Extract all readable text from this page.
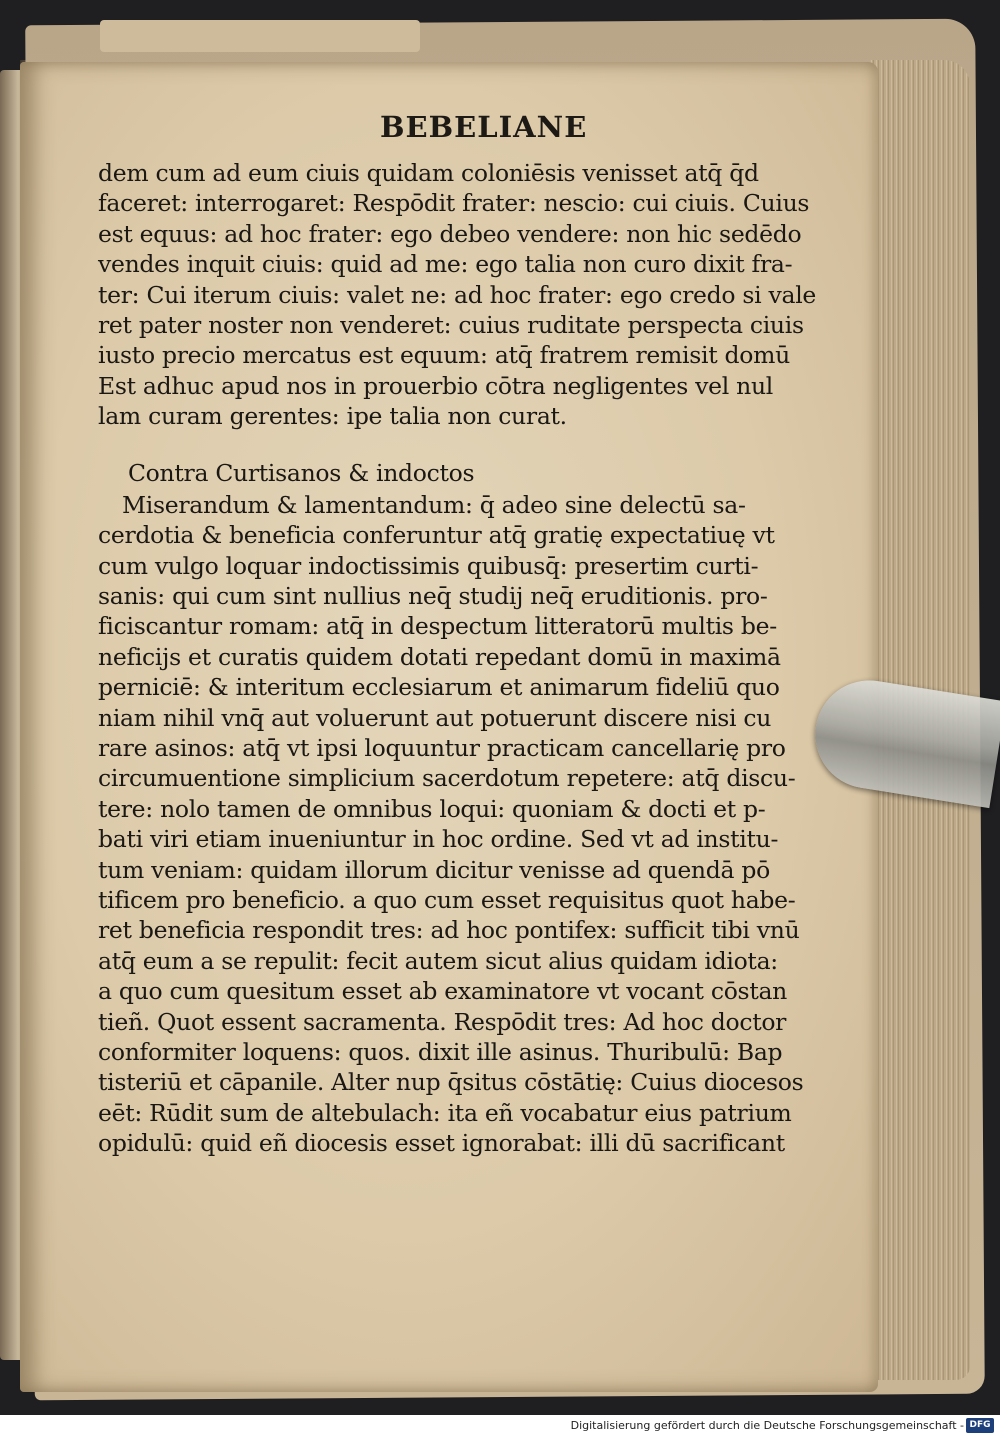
BEBELIANE
dem cum ad eum ciuis quidam coloniēsis venisset atq̄ q̄d
faceret: interrogaret: Respōdit frater: nescio: cui ciuis. Cuius
est equus: ad hoc frater: ego debeo vendere: non hic sedēdo
vendes inquit ciuis: quid ad me: ego talia non curo dixit fra-
ter: Cui iterum ciuis: valet ne: ad hoc frater: ego credo si vale
ret pater noster non venderet: cuius ruditate perspecta ciuis
iusto precio mercatus est equum: atq̄ fratrem remisit domū
Est adhuc apud nos in prouerbio cōtra negligentes vel nul
lam curam gerentes: ipe talia non curat.
Contra Curtisanos & indoctos
Miserandum & lamentandum: q̄ adeo sine delectū sa-
cerdotia & beneficia conferuntur atq̄ gratię expectatiuę vt
cum vulgo loquar indoctissimis quibusq̄: presertim curti-
sanis: qui cum sint nullius neq̄ studij neq̄ eruditionis. pro-
ficiscantur romam: atq̄ in despectum litteratorū multis be-
neficijs et curatis quidem dotati repedant domū in maximā
perniciē: & interitum ecclesiarum et animarum fideliū quo
niam nihil vnq̄ aut voluerunt aut potuerunt discere nisi cu
rare asinos: atq̄ vt ipsi loquuntur practicam cancellarię pro
circumuentione simplicium sacerdotum repetere: atq̄ discu-
tere: nolo tamen de omnibus loqui: quoniam & docti et p-
bati viri etiam inueniuntur in hoc ordine. Sed vt ad institu-
tum veniam: quidam illorum dicitur venisse ad quendā pō
tificem pro beneficio. a quo cum esset requisitus quot habe-
ret beneficia respondit tres: ad hoc pontifex: sufficit tibi vnū
atq̄ eum a se repulit: fecit autem sicut alius quidam idiota:
a quo cum quesitum esset ab examinatore vt vocant cōstan
tieñ. Quot essent sacramenta. Respōdit tres: Ad hoc doctor
conformiter loquens: quos. dixit ille asinus. Thuribulū: Bap
tisteriū et cāpanile. Alter nup q̄situs cōstātię: Cuius diocesos
eēt: Rūdit sum de altebulach: ita eñ vocabatur eius patrium
opidulū: quid eñ diocesis esset ignorabat: illi dū sacrificant
Digitalisierung gefördert durch die Deutsche Forschungsgemeinschaft - DFG
